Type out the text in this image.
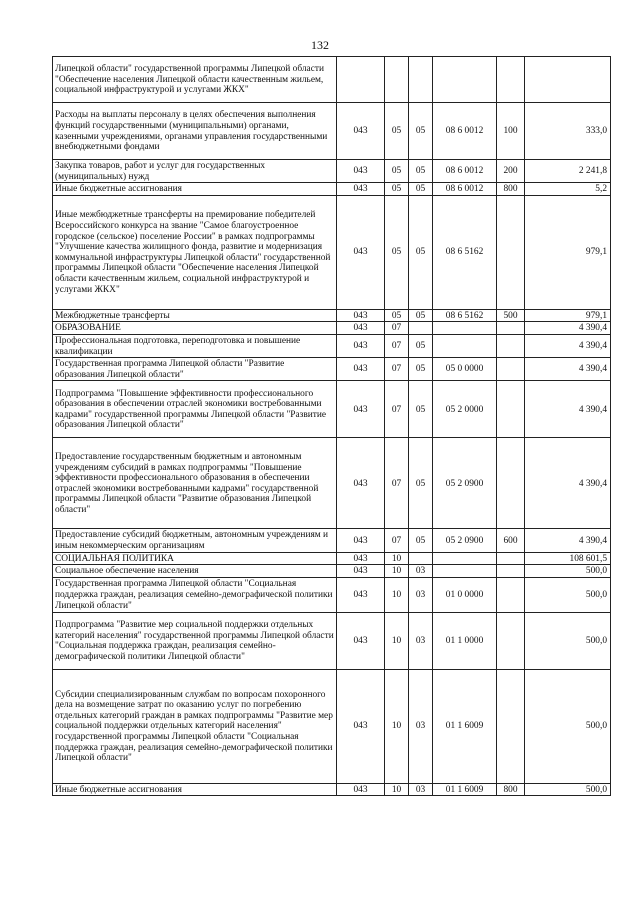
132
Липецкой области" государственной программы Липецкой области "Обеспечение населения Липецкой области качественным жильем, социальной инфраструктурой и услугами ЖКХ"						
Расходы на выплаты персоналу в целях обеспечения выполнения функций государственными (муниципальными) органами, казенными учреждениями, органами управления государственными внебюджетными фондами	043	05	05	08 6 0012	100	333,0
Закупка товаров, работ и услуг для государственных (муниципальных) нужд	043	05	05	08 6 0012	200	2 241,8
Иные бюджетные ассигнования	043	05	05	08 6 0012	800	5,2
Иные межбюджетные трансферты на премирование победителей Всероссийского конкурса на звание "Самое благоустроенное городское (сельское) поселение России" в рамках подпрограммы "Улучшение качества жилищного фонда, развитие и модернизация коммунальной инфраструктуры Липецкой области" государственной программы Липецкой области "Обеспечение населения Липецкой области качественным жильем, социальной инфраструктурой и услугами ЖКХ"	043	05	05	08 6 5162		979,1
Межбюджетные трансферты	043	05	05	08 6 5162	500	979,1
ОБРАЗОВАНИЕ	043	07				4 390,4
Профессиональная подготовка, переподготовка и повышение квалификации	043	07	05			4 390,4
Государственная программа Липецкой области "Развитие образования Липецкой области"	043	07	05	05 0 0000		4 390,4
Подпрограмма "Повышение эффективности профессионального образования в обеспечении отраслей экономики востребованными кадрами" государственной программы Липецкой области "Развитие образования Липецкой области"	043	07	05	05 2 0000		4 390,4
Предоставление государственным бюджетным и автономным учреждениям субсидий в рамках подпрограммы "Повышение эффективности профессионального образования в обеспечении отраслей экономики востребованными кадрами" государственной программы Липецкой области "Развитие образования Липецкой области"	043	07	05	05 2 0900		4 390,4
Предоставление субсидий бюджетным, автономным учреждениям и иным некоммерческим организациям	043	07	05	05 2 0900	600	4 390,4
СОЦИАЛЬНАЯ ПОЛИТИКА	043	10				108 601,5
Социальное обеспечение населения	043	10	03			500,0
Государственная программа Липецкой области "Социальная поддержка граждан, реализация семейно-демографической политики Липецкой области"	043	10	03	01 0 0000		500,0
Подпрограмма "Развитие мер социальной поддержки отдельных категорий населения" государственной программы Липецкой области "Социальная поддержка граждан, реализация семейно-демографической политики Липецкой области"	043	10	03	01 1 0000		500,0
Субсидии специализированным службам по вопросам похоронного дела на возмещение затрат по оказанию услуг по погребению отдельных категорий граждан в рамках подпрограммы "Развитие мер социальной поддержки отдельных категорий населения" государственной программы Липецкой области "Социальная поддержка граждан, реализация семейно-демографической политики Липецкой области"	043	10	03	01 1 6009		500,0
Иные бюджетные ассигнования	043	10	03	01 1 6009	800	500,0
